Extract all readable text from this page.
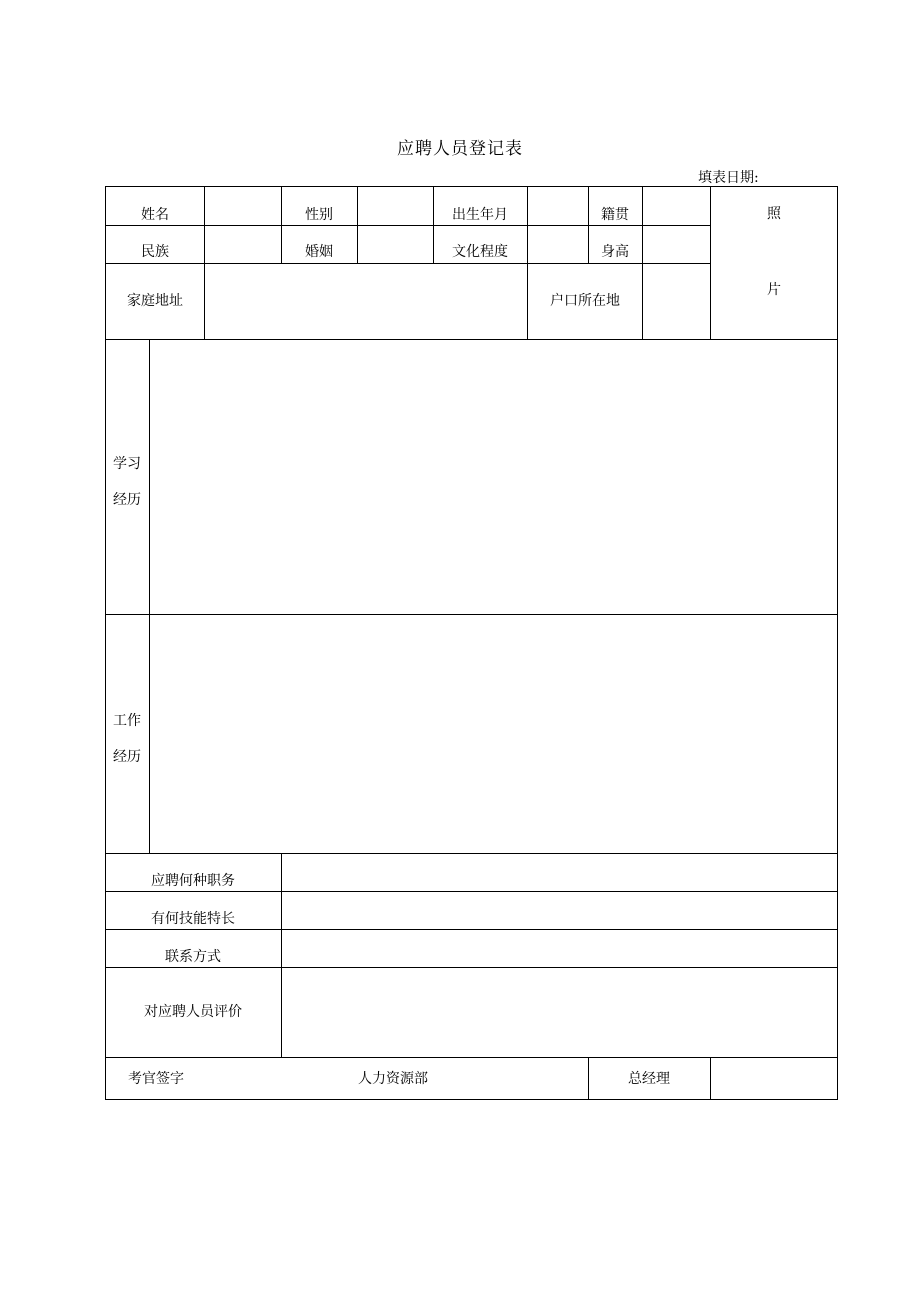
应聘人员登记表
填表日期:
姓名	性别	出生年月	籍贯
民族	婚姻	文化程度	身高
家庭地址	户口所在地
照
片
学习
经历
工作
经历
应聘何种职务
有何技能特长
联系方式
对应聘人员评价
考官签字	人力资源部	总经理
